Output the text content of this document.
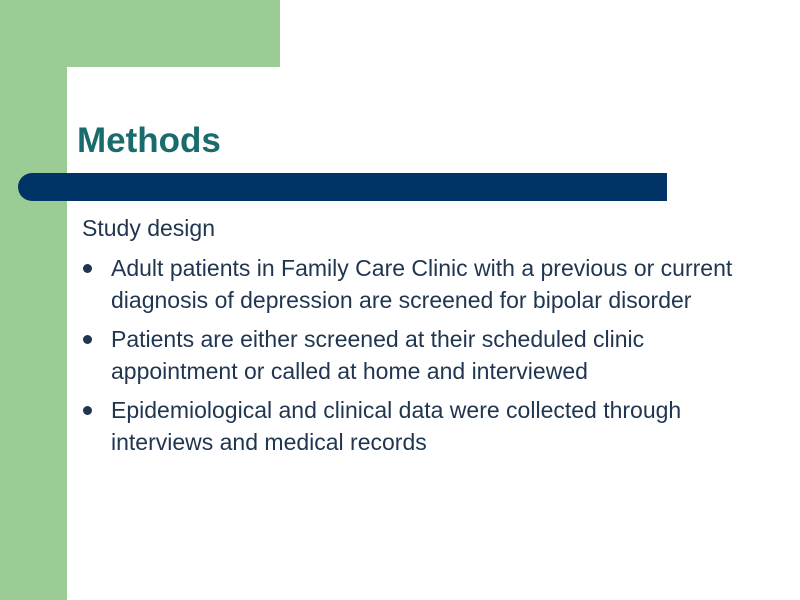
Methods
Study design
Adult patients in Family Care Clinic with a previous or current diagnosis of depression are screened for bipolar disorder
Patients are either screened at their scheduled clinic appointment or called at home and interviewed
Epidemiological and clinical data were collected through interviews and medical records
